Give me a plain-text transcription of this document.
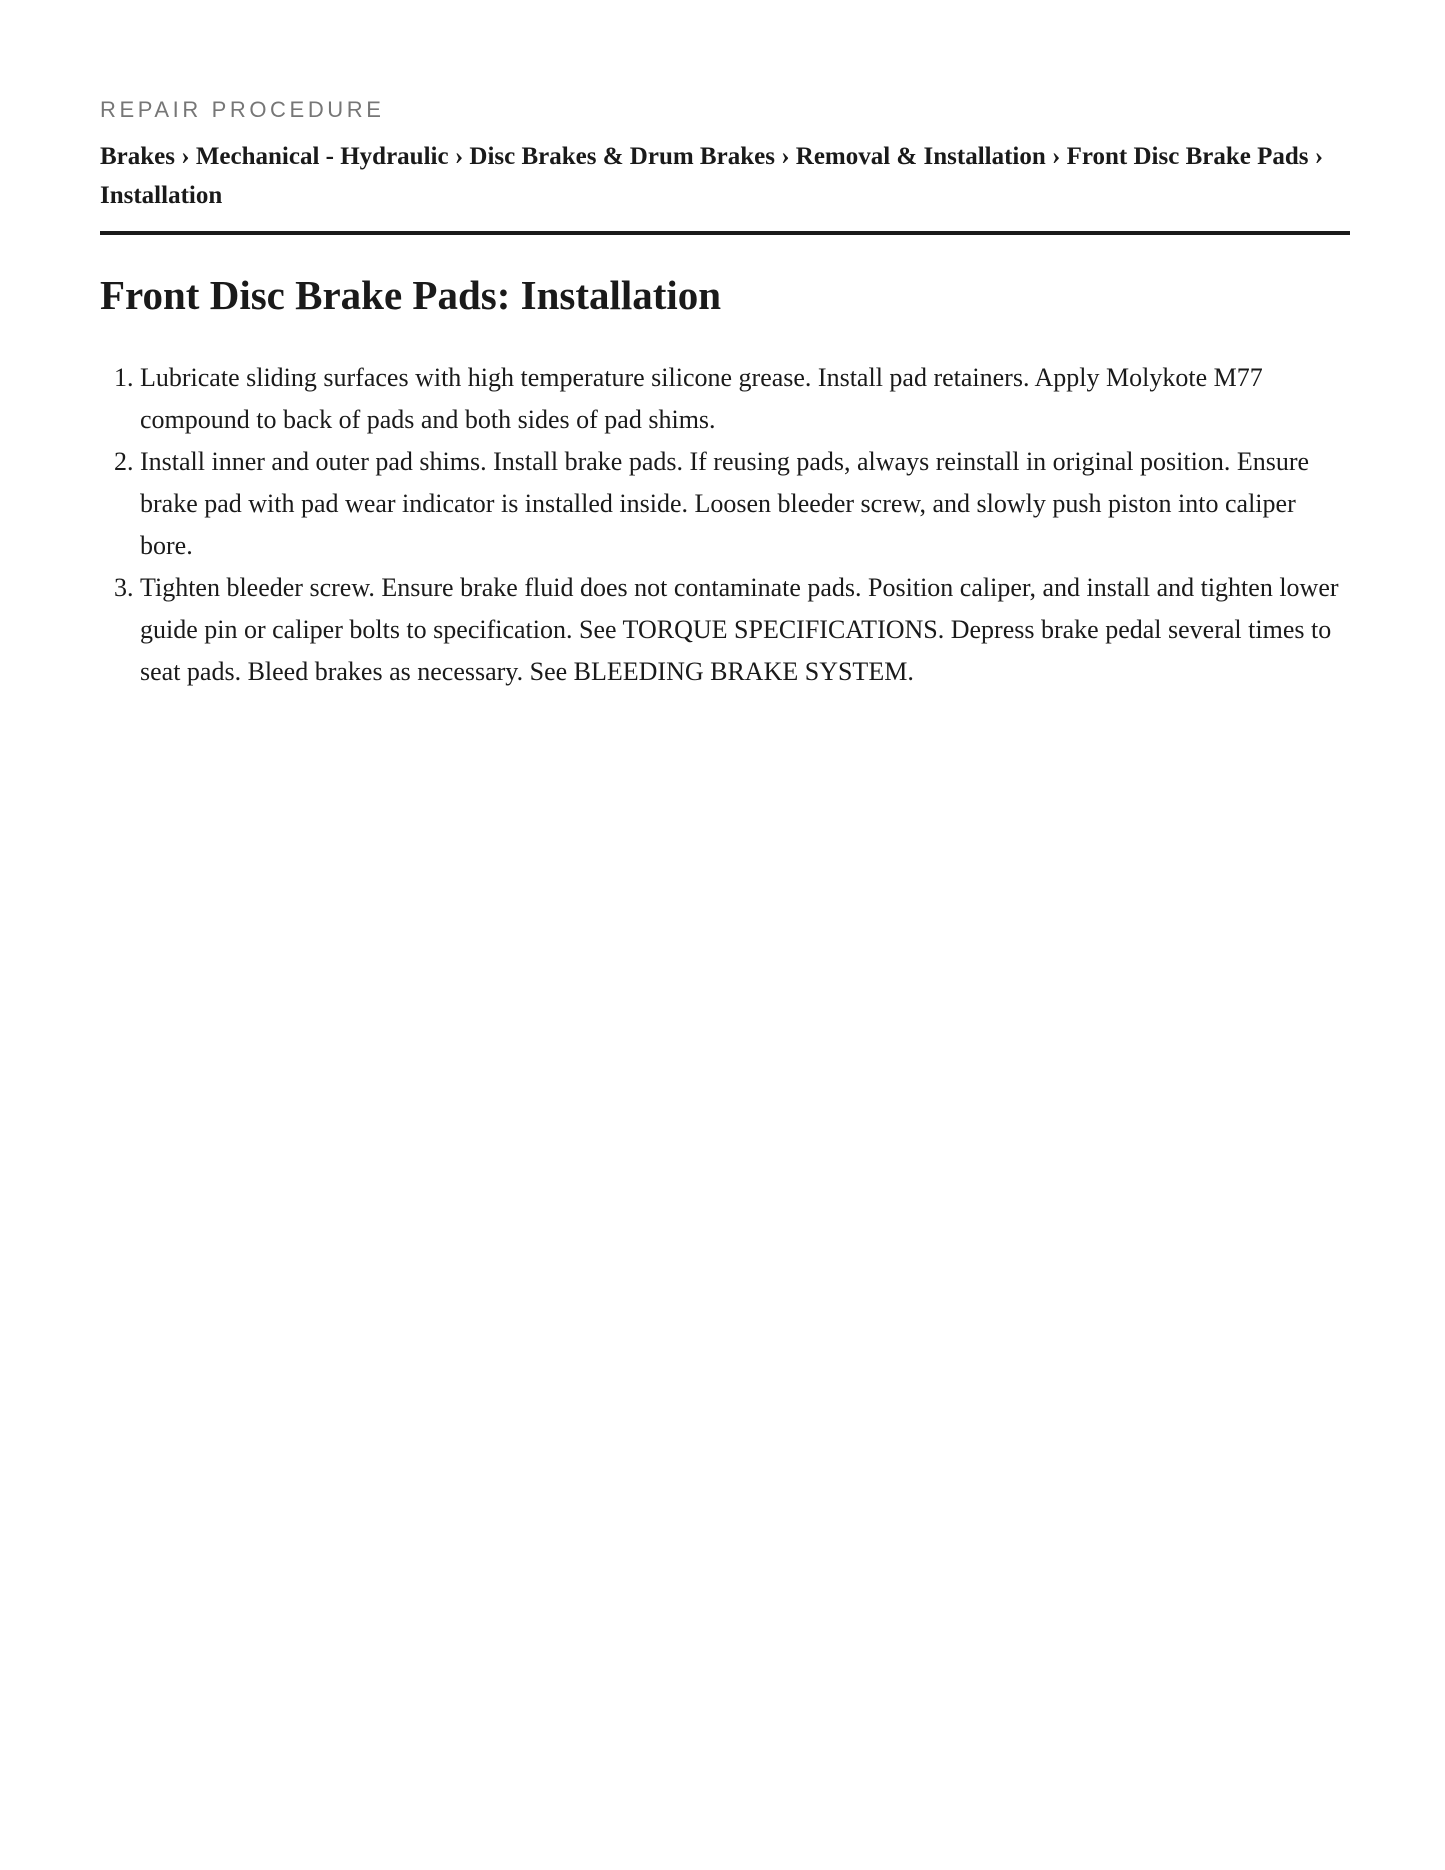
REPAIR PROCEDURE
Brakes › Mechanical - Hydraulic › Disc Brakes & Drum Brakes › Removal & Installation › Front Disc Brake Pads › Installation
Front Disc Brake Pads: Installation
1. Lubricate sliding surfaces with high temperature silicone grease. Install pad retainers. Apply Molykote M77 compound to back of pads and both sides of pad shims.
2. Install inner and outer pad shims. Install brake pads. If reusing pads, always reinstall in original position. Ensure brake pad with pad wear indicator is installed inside. Loosen bleeder screw, and slowly push piston into caliper bore.
3. Tighten bleeder screw. Ensure brake fluid does not contaminate pads. Position caliper, and install and tighten lower guide pin or caliper bolts to specification. See TORQUE SPECIFICATIONS. Depress brake pedal several times to seat pads. Bleed brakes as necessary. See BLEEDING BRAKE SYSTEM.
